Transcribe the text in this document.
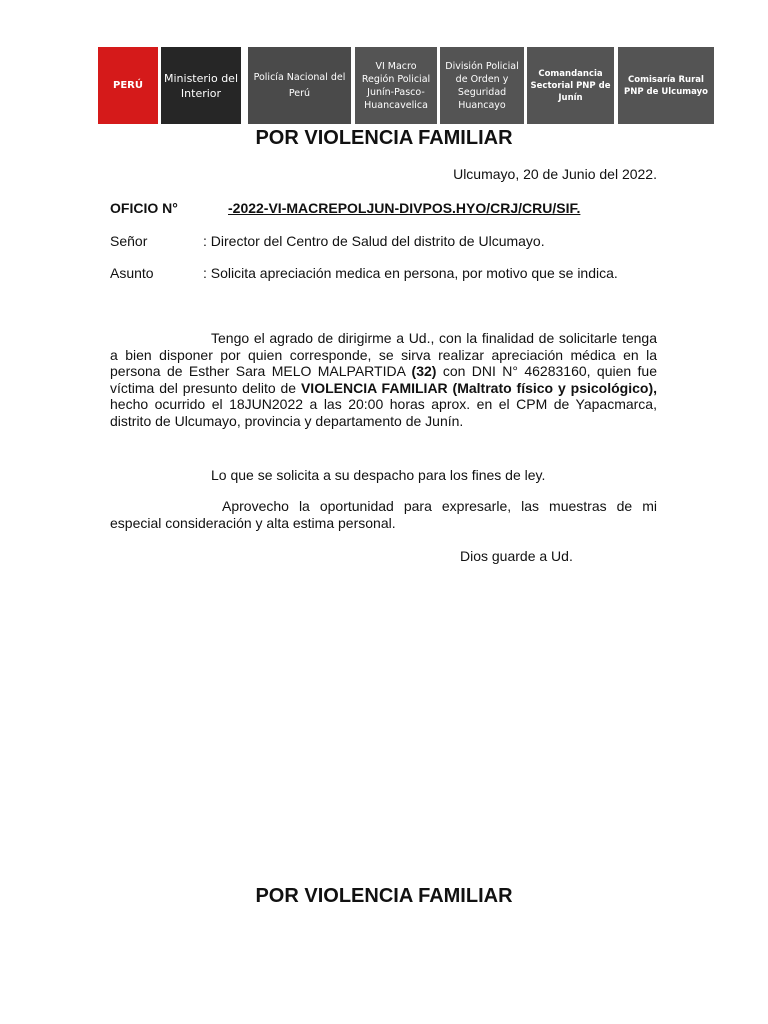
PERÚ
Ministerio del Interior
Policía Nacional del Perú
VI Macro Región Policial Junín-Pasco-Huancavelica
División Policial de Orden y Seguridad Huancayo
Comandancia Sectorial PNP de Junín
Comisaría Rural PNP de Ulcumayo
POR VIOLENCIA FAMILIAR

Ulcumayo, 20 de Junio del 2022.

OFICIO N°	-2022-VI-MACREPOLJUN-DIVPOS.HYO/CRJ/CRU/SIF.

Señor	: Director del Centro de Salud del distrito de Ulcumayo.
Asunto	: Solicita apreciación medica en persona, por motivo que se indica.

Tengo el agrado de dirigirme a Ud., con la finalidad de solicitarle tenga a bien disponer por quien corresponde, se sirva realizar apreciación médica en la persona de Esther Sara MELO MALPARTIDA (32) con DNI N° 46283160, quien fue víctima del presunto delito de VIOLENCIA FAMILIAR (Maltrato físico y psicológico), hecho ocurrido el 18JUN2022 a las 20:00 horas aprox. en el CPM de Yapacmarca, distrito de Ulcumayo, provincia y departamento de Junín.

Lo que se solicita a su despacho para los fines de ley.

Aprovecho la oportunidad para expresarle, las muestras de mi especial consideración y alta estima personal.

Dios guarde a Ud.

POR VIOLENCIA FAMILIAR
